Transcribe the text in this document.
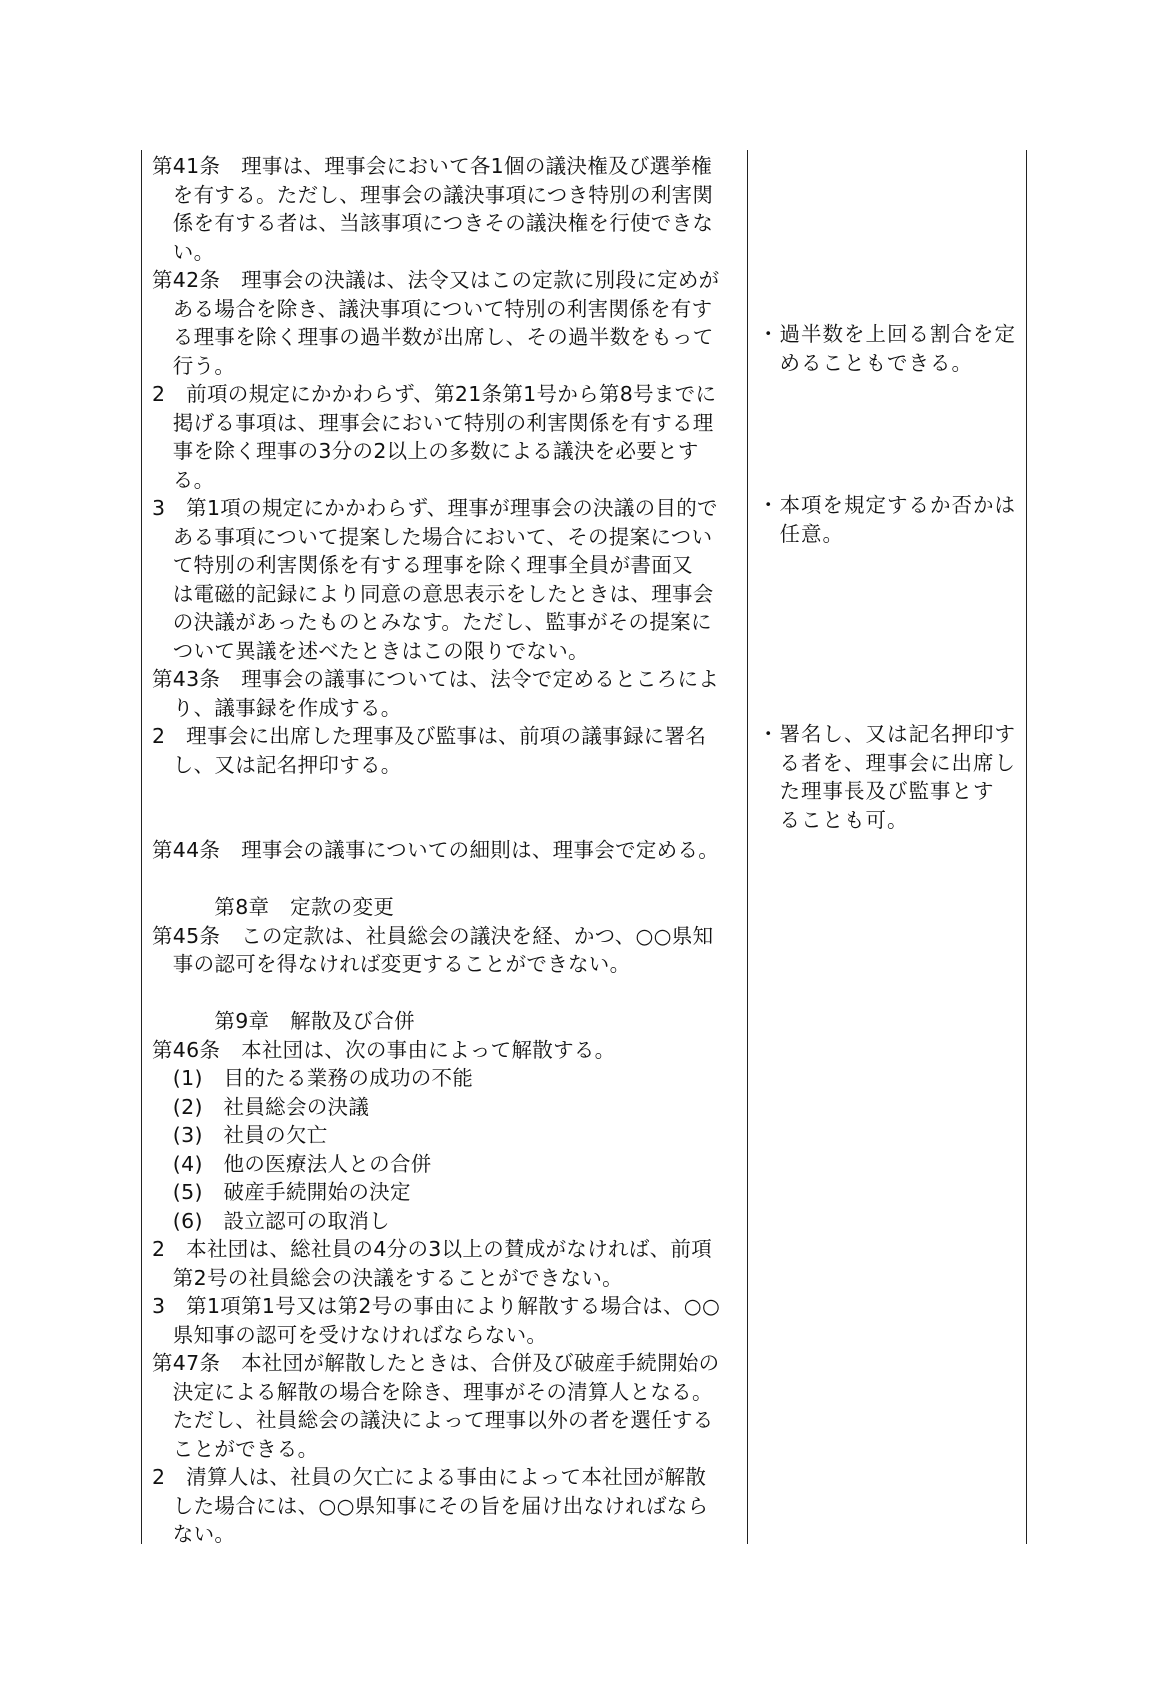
第41条　理事は、理事会において各1個の議決権及び選挙権
　を有する。ただし、理事会の議決事項につき特別の利害関
　係を有する者は、当該事項につきその議決権を行使できな
　い。
第42条　理事会の決議は、法令又はこの定款に別段に定めが
　ある場合を除き、議決事項について特別の利害関係を有す
　る理事を除く理事の過半数が出席し、その過半数をもって
　行う。
2　前項の規定にかかわらず、第21条第1号から第8号までに
　掲げる事項は、理事会において特別の利害関係を有する理
　事を除く理事の3分の2以上の多数による議決を必要とす
　る。
3　第1項の規定にかかわらず、理事が理事会の決議の目的で
　ある事項について提案した場合において、その提案につい
　て特別の利害関係を有する理事を除く理事全員が書面又
　は電磁的記録により同意の意思表示をしたときは、理事会
　の決議があったものとみなす。ただし、監事がその提案に
　ついて異議を述べたときはこの限りでない。
第43条　理事会の議事については、法令で定めるところによ
　り、議事録を作成する。
2　理事会に出席した理事及び監事は、前項の議事録に署名
　し、又は記名押印する。
第44条　理事会の議事についての細則は、理事会で定める。
　　　第8章　定款の変更
第45条　この定款は、社員総会の議決を経、かつ、○○県知
　事の認可を得なければ変更することができない。
　　　第9章　解散及び合併
第46条　本社団は、次の事由によって解散する。
　(1)　目的たる業務の成功の不能
　(2)　社員総会の決議
　(3)　社員の欠亡
　(4)　他の医療法人との合併
　(5)　破産手続開始の決定
　(6)　設立認可の取消し
2　本社団は、総社員の4分の3以上の賛成がなければ、前項
　第2号の社員総会の決議をすることができない。
3　第1項第1号又は第2号の事由により解散する場合は、○○
　県知事の認可を受けなければならない。
第47条　本社団が解散したときは、合併及び破産手続開始の
　決定による解散の場合を除き、理事がその清算人となる。
　ただし、社員総会の議決によって理事以外の者を選任する
　ことができる。
2　清算人は、社員の欠亡による事由によって本社団が解散
　した場合には、○○県知事にその旨を届け出なければなら
　ない。
・過半数を上回る割合を定
　めることもできる。
・本項を規定するか否かは
　任意。
・署名し、又は記名押印す
　る者を、理事会に出席し
　た理事長及び監事とす
　ることも可。
